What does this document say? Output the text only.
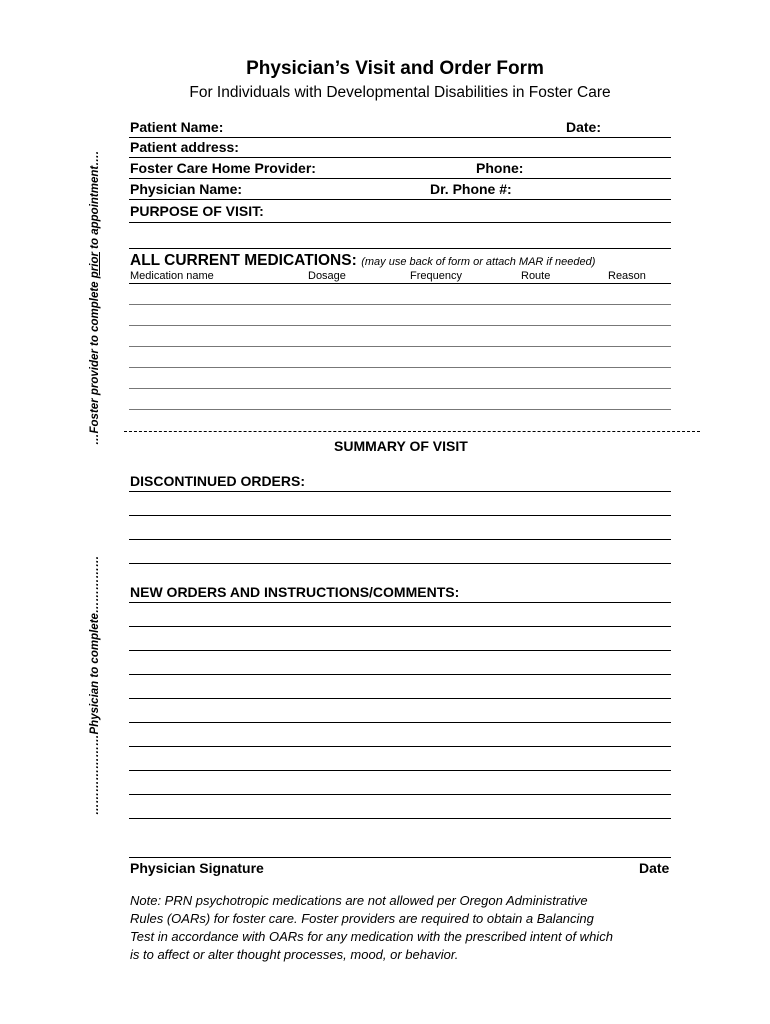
Physician’s Visit and Order Form
For Individuals with Developmental Disabilities in Foster Care
…Foster provider to complete prior to appointment….
…………………Physician to complete……………
Patient Name:	Date:
Patient address:
Foster Care Home Provider:	Phone:
Physician Name:	Dr. Phone #:
PURPOSE OF VISIT:
ALL CURRENT MEDICATIONS: (may use back of form or attach MAR if needed)
Medication name	Dosage	Frequency	Route	Reason
SUMMARY OF VISIT
DISCONTINUED ORDERS:
NEW ORDERS AND INSTRUCTIONS/COMMENTS:
Physician Signature	Date
Note: PRN psychotropic medications are not allowed per Oregon Administrative
Rules (OARs) for foster care. Foster providers are required to obtain a Balancing
Test in accordance with OARs for any medication with the prescribed intent of which
is to affect or alter thought processes, mood, or behavior.
